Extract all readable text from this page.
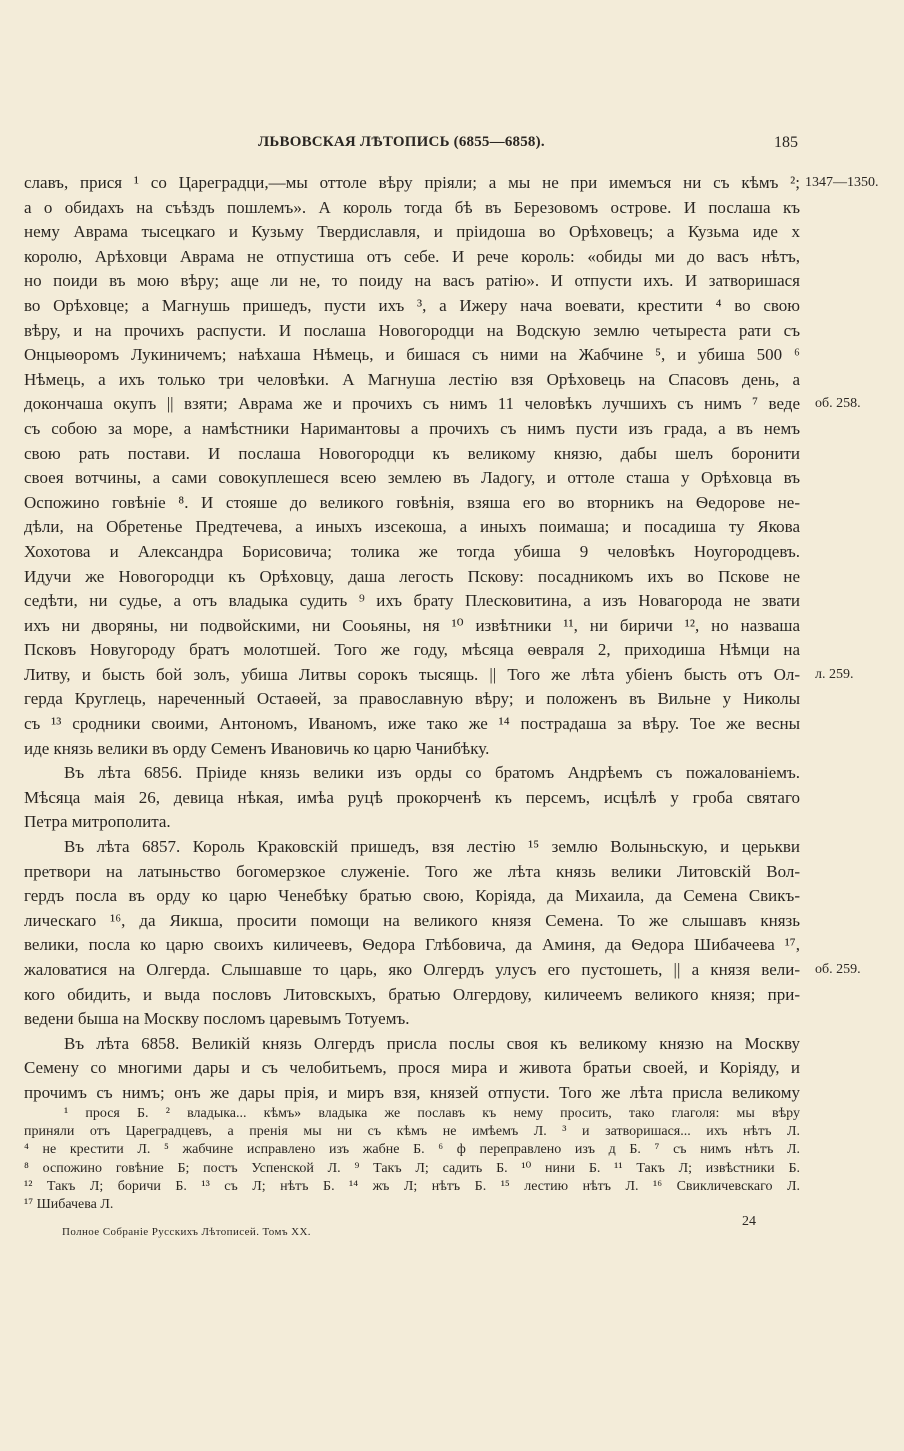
ЛЬВОВСКАЯ ЛѢТОПИСЬ (6855—6858).	185
славъ, прися ¹ со Цареградци,—мы оттоле вѣру пріяли; а мы не при имемъся ни съ кѣмъ ²;
а о обидахъ на съѣздъ пошлемъ». А король тогда бѣ въ Березовомъ острове. И послаша къ
нему Аврама тысецкаго и Кузьму Твердиславля, и пріидоша во Орѣховецъ; а Кузьма иде х
королю, Арѣховци Аврама не отпустиша отъ себе. И рече король: «обиды ми до васъ нѣтъ,
но поиди въ мою вѣру; аще ли не, то поиду на васъ ратію». И отпусти ихъ. И затворишася
во Орѣховце; а Магнушь пришедъ, пусти ихъ ³, а Ижеру нача воевати, крестити ⁴ во свою
вѣру, и на прочихъ распусти. И послаша Новогородци на Водскую землю четыреста рати съ
Онцыѳоромъ Лукиничемъ; наѣхаша Нѣмець, и бишася съ ними на Жабчине ⁵, и убиша 500 ⁶
Нѣмець, а ихъ только три человѣки. А Магнуша лестію взя Орѣховець на Спасовъ день, а
докончаша окупъ || взяти; Аврама же и прочихъ съ нимъ 11 человѣкъ лучшихъ съ нимъ ⁷ веде
съ собою за море, а намѣстники Наримантовы а прочихъ съ нимъ пусти изъ града, а въ немъ
свою рать постави. И послаша Новогородци къ великому князю, дабы шелъ боронити
своея вотчины, а сами совокуплешеся всею землею въ Ладогу, и оттоле сташа у Орѣховца въ
Оспожино говѣніе ⁸. И стояше до великого говѣнія, взяша его во вторникъ на Ѳедорове не-
дѣли, на Обретенье Предтечева, а иныхъ изсекоша, а иныхъ поимаша; и посадиша ту Якова
Хохотова и Александра Борисовича; толика же тогда убиша 9 человѣкъ Ноугородцевъ.
Идучи же Новогородци къ Орѣховцу, даша легость Пскову: посадникомъ ихъ во Пскове не
седѣти, ни судье, а отъ владыка судить ⁹ ихъ брату Плесковитина, а изъ Новагорода не звати
ихъ ни дворяны, ни подвойскими, ни Сооьяны, ня ¹⁰ извѣтники ¹¹, ни биричи ¹², но назваша
Псковъ Новугороду братъ молотшей. Того же году, мѣсяца ѳевраля 2, приходиша Нѣмци на
Литву, и бысть бой золъ, убиша Литвы сорокъ тысящь. || Того же лѣта убіенъ бысть отъ Ол-
герда Круглець, нареченный Остаѳей, за православную вѣру; и положенъ въ Вильне у Николы
съ ¹³ сродники своими, Антономъ, Иваномъ, иже тако же ¹⁴ пострадаша за вѣру. Тое же весны
иде князь велики въ орду Семенъ Ивановичь ко царю Чанибѣку.
Въ лѣта 6856. Пріиде князь велики изъ орды со братомъ Андрѣемъ съ пожалованіемъ.
Мѣсяца маія 26, девица нѣкая, имѣа руцѣ прокорченѣ къ персемъ, исцѣлѣ у гроба святаго
Петра митрополита.
Въ лѣта 6857. Король Краковскій пришедъ, взя лестію ¹⁵ землю Волыньскую, и церькви
претвори на латыньство богомерзкое служеніе. Того же лѣта князь велики Литовскій Вол-
гердъ посла въ орду ко царю Ченебѣку братью свою, Коріяда, да Михаила, да Семена Свикъ-
лическаго ¹⁶, да Яикша, просити помощи на великого князя Семена. То же слышавъ князь
велики, посла ко царю своихъ киличеевъ, Ѳедора Глѣбовича, да Аминя, да Ѳедора Шибачеева ¹⁷,
жаловатися на Олгерда. Слышавше то царь, яко Олгердъ улусъ его пустошеть, || а князя вели-
кого обидить, и выда пословъ Литовскыхъ, братью Олгердову, киличеемъ великого князя; при-
ведени быша на Москву посломъ царевымъ Тотуемъ.
Въ лѣта 6858. Великій князь Олгердъ присла послы своя къ великому князю на Москву
Семену со многими дары и съ челобитьемъ, прося мира и живота братьи своей, и Коріяду, и
прочимъ съ нимъ; онъ же дары прія, и миръ взя, князей отпусти. Того же лѣта присла великому
1347—1350.
об. 258.
л. 259.
об. 259.
¹ прося Б. ² владыка... кѣмъ» владыка же пославъ къ нему просить, тако глаголя: мы вѣру
приняли отъ Цареградцевъ, а пренія мы ни съ кѣмъ не имѣемъ Л. ³ и затворишася... ихъ нѣтъ Л.
⁴ не крестити Л. ⁵ жабчине исправлено изъ жабне Б. ⁶ ф переправлено изъ д Б. ⁷ съ нимъ нѣтъ Л.
⁸ оспожино говѣние Б; постъ Успенской Л. ⁹ Такъ Л; садить Б. ¹⁰ нини Б. ¹¹ Такъ Л; извѣстники Б.
¹² Такъ Л; боричи Б. ¹³ съ Л; нѣтъ Б. ¹⁴ жъ Л; нѣтъ Б. ¹⁵ лестию нѣтъ Л. ¹⁶ Свикличевскаго Л.
¹⁷ Шибачева Л.
Полное Собраніе Русскихъ Лѣтописей. Томъ XX.
24
